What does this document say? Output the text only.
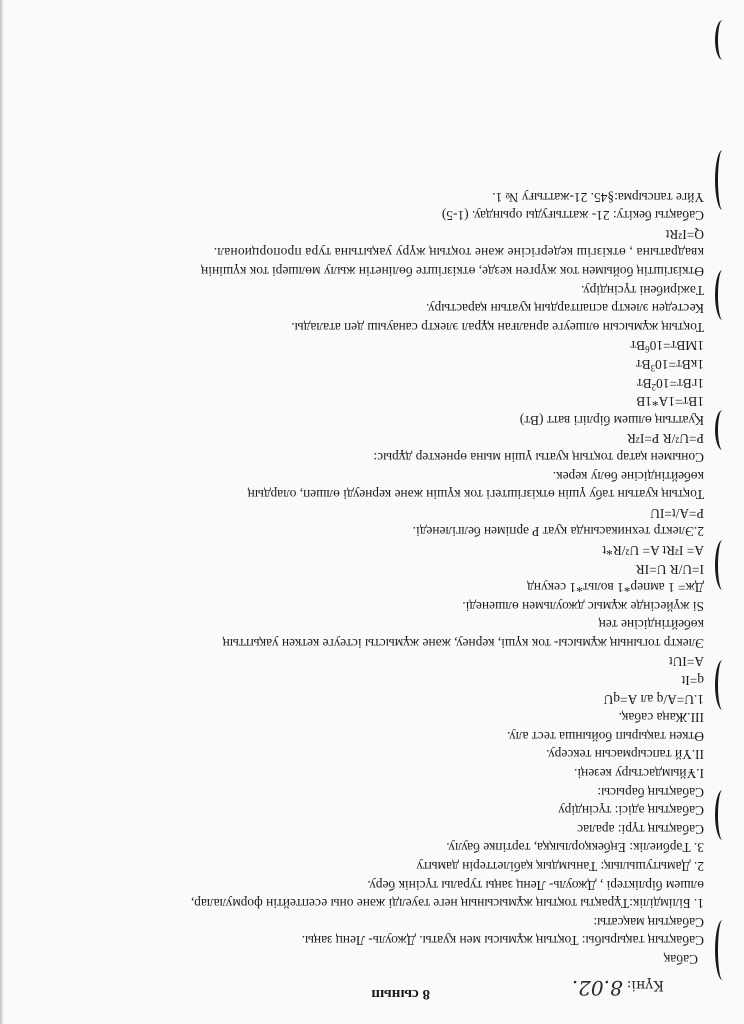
8 сынып
Күні:8.02.
Сабақ
Сабақтың тақырыбы: Тоқтың жұмысы мен қуаты. Джоуль- Ленц заңы.
Сабақтың мақсаты:
1. Білімділік:Тұрақты тоқтың жұмысының неге тәуелді және оны есептейтін формулалар,
өлшем бірліктері , Джоуль- Ленц заңы туралы түсінік беру.
2. Дамытушылық: Танымдық қабілеттерін дамыту
3. Тәрбиелік: Еңбекқорлыққа, тәртіпке баулу.
Сабақтың түрі: аралас
Сабақтың әдісі: түсіндіру
Сабақтың барысы:
І.Ұйымдастыру кезеңі.
ІІ.Үй тапсырмасын тексеру.
Өткен тақырып бойынша тест алу.
ІІІ.Жаңа сабақ.
1.U=A/q ал A=qU
q=It
A=IUt
Электр тогының жұмысы- ток күші, кернеу, және жұмысты істеуге кеткен уақыттың
көбейтіндісіне тең
Sі жүйесінде жұмыс джоульмен өлшенеді.
Дж= 1 ампер*1 вольт*1 секунд
I=U/R U=IR
A= I²Rt A= U²/R*t
2.Электр техникасында қуат P әрпімен белгіленеді.
P=A/t=IU
Тоқтың қуатын табу үшін өткізгіштегі ток күшін және кернеуді өлшеп, олардың
көбейтіндісіне бөлу керек.
Сонымен қатар тоқтың қуаты үшін мына өрнектер дұрыс:
P=U²/R P=I²R
Қуаттың өлшем бірлігі ватт (Вт)
1Вт=1А*1В
$1гВт=10^2Вт$
$1кВт=10^3Вт$
$1МВт=10^6Вт$
Тоқтың жұмысын өлшеуге арналған құрал электр санауыш деп аталады.
Кестеден электр аспаптардың қуатын қарастыру.
Тәжірибені түсіндіру.
Өткізгіштің бойымен ток жүрген кезде, өткізгіште бөлінетін жылу мөлшері ток күшінің
квадратына , өткізгіш кедергісіне және тоқтың жүру уақытына тура пропорционал.
Q=I²Rt
Сабақты бекіту: 21- жаттығуды орындау. (1-5)
Үйге тапсырма:§45. 21-жаттығу № 1.
